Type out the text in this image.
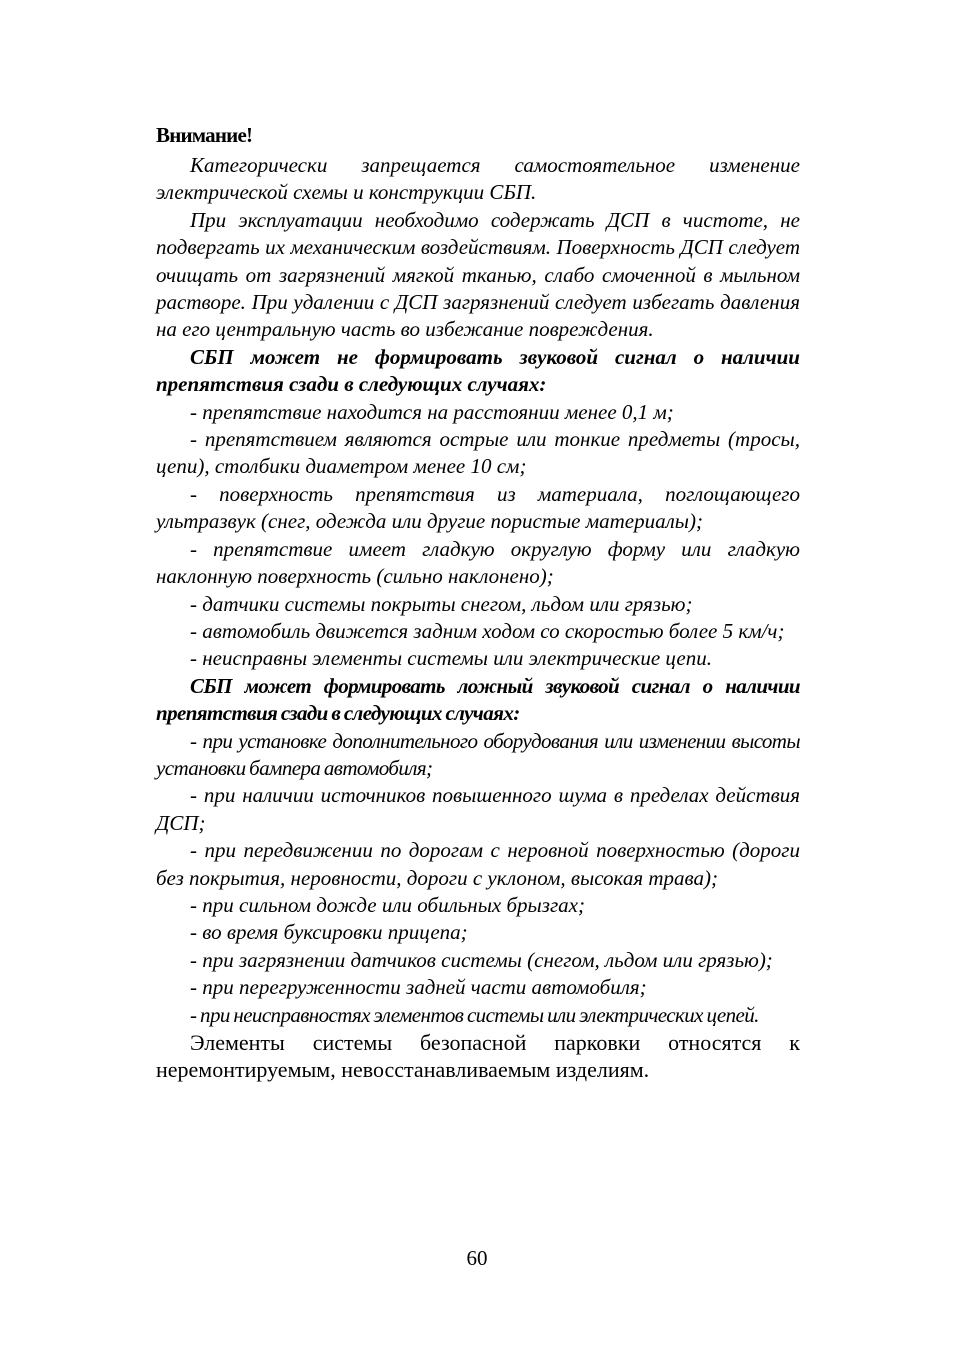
Внимание!

Категорически запрещается самостоятельное изменение электрической схемы и конструкции СБП.

При эксплуатации необходимо содержать ДСП в чистоте, не подвергать их механическим воздействиям. Поверхность ДСП следует очищать от загрязнений мягкой тканью, слабо смоченной в мыльном растворе. При удалении с ДСП загрязнений следует избегать давления на его центральную часть во избежание повреждения.

СБП может не формировать звуковой сигнал о наличии препятствия сзади в следующих случаях:

- препятствие находится на расстоянии менее 0,1 м;

- препятствием являются острые или тонкие предметы (тросы, цепи), столбики диаметром менее 10 см;

- поверхность препятствия из материала, поглощающего ультразвук (снег, одежда или другие пористые материалы);

- препятствие имеет гладкую округлую форму или гладкую наклонную поверхность (сильно наклонено);

- датчики системы покрыты снегом, льдом или грязью;

- автомобиль движется задним ходом со скоростью более 5 км/ч;

- неисправны элементы системы или электрические цепи.

СБП может формировать ложный звуковой сигнал о наличии препятствия сзади в следующих случаях:

- при установке дополнительного оборудования или изменении высоты установки бампера автомобиля;

- при наличии источников повышенного шума в пределах действия ДСП;

- при передвижении по дорогам с неровной поверхностью (дороги без покрытия, неровности, дороги с уклоном, высокая трава);

- при сильном дожде или обильных брызгах;

- во время буксировки прицепа;

- при загрязнении датчиков системы (снегом, льдом или грязью);

- при перегруженности задней части автомобиля;

- при неисправностях элементов системы или электрических цепей.

Элементы системы безопасной парковки относятся к неремонтируемым, невосстанавливаемым изделиям.

60
